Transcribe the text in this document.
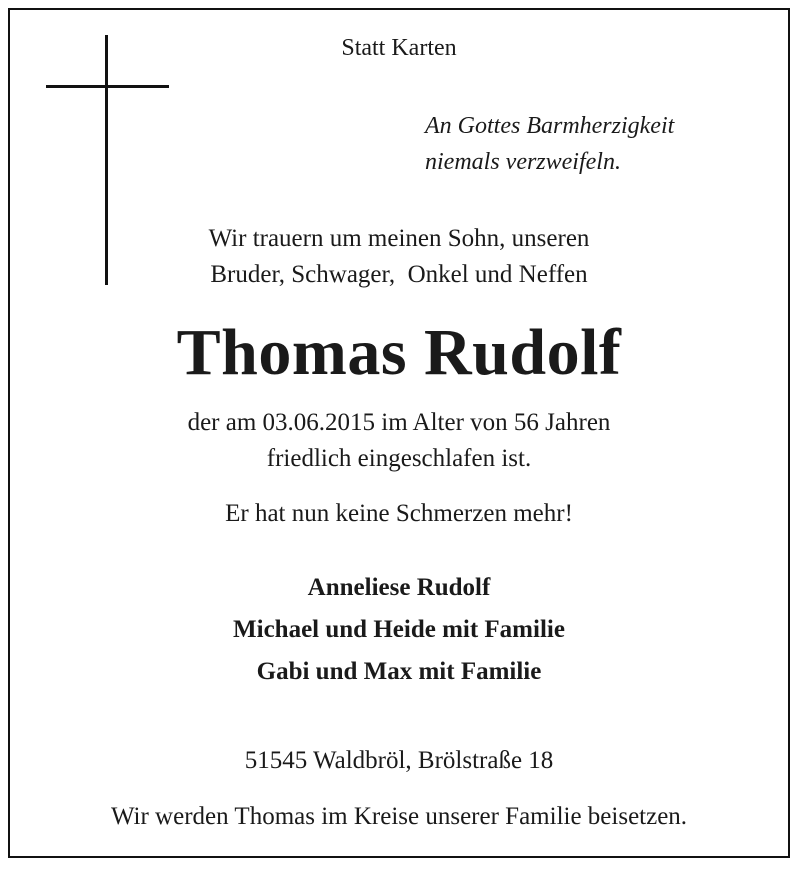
Statt Karten
An Gottes Barmherzigkeit
niemals verzweifeln.
Wir trauern um meinen Sohn, unseren
Bruder, Schwager,  Onkel und Neffen
Thomas Rudolf
der am 03.06.2015 im Alter von 56 Jahren
friedlich eingeschlafen ist.
Er hat nun keine Schmerzen mehr!
Anneliese Rudolf
Michael und Heide mit Familie
Gabi und Max mit Familie
51545 Waldbröl, Brölstraße 18
Wir werden Thomas im Kreise unserer Familie beisetzen.
